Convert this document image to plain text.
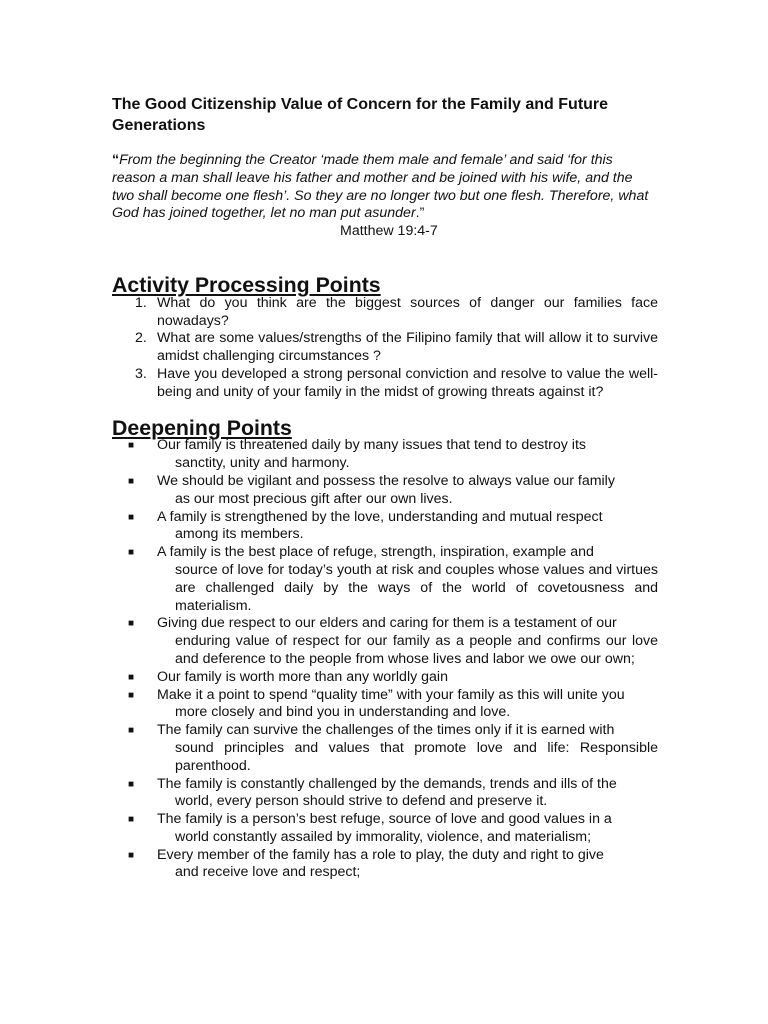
The Good Citizenship Value of Concern for the Family and Future Generations
“From the beginning the Creator ‘made them male and female’ and said ‘for this reason a man shall leave his father and mother and be joined with his wife, and the two shall become one flesh’. So they are no longer two but one flesh. Therefore, what God has joined together, let no man put asunder.”
Matthew 19:4-7
Activity Processing Points
1. What do you think are the biggest sources of danger our families face nowadays?
2. What are some values/strengths of the Filipino family that will allow it to survive amidst challenging circumstances ?
3. Have you developed a strong personal conviction and resolve to value the well-being and unity of your family in the midst of growing threats against it?
Deepening Points
■ Our family is threatened daily by many issues that tend to destroy its
sanctity, unity and harmony.
■ We should be vigilant and possess the resolve to always value our family
as our most precious gift after our own lives.
■ A family is strengthened by the love, understanding and mutual respect
among its members.
■ A family is the best place of refuge, strength, inspiration, example and
source of love for today’s youth at risk and couples whose values and virtues are challenged daily by the ways of the world of covetousness and materialism.
■ Giving due respect to our elders and caring for them is a testament of our
enduring value of respect for our family as a people and confirms our love and deference to the people from whose lives and labor we owe our own;
■ Our family is worth more than any worldly gain
■ Make it a point to spend “quality time” with your family as this will unite you
more closely and bind you in understanding and love.
■ The family can survive the challenges of the times only if it is earned with
sound principles and values that promote love and life: Responsible parenthood.
■ The family is constantly challenged by the demands, trends and ills of the
world, every person should strive to defend and preserve it.
■ The family is a person’s best refuge, source of love and good values in a
world constantly assailed by immorality, violence, and materialism;
■ Every member of the family has a role to play, the duty and right to give
and receive love and respect;
